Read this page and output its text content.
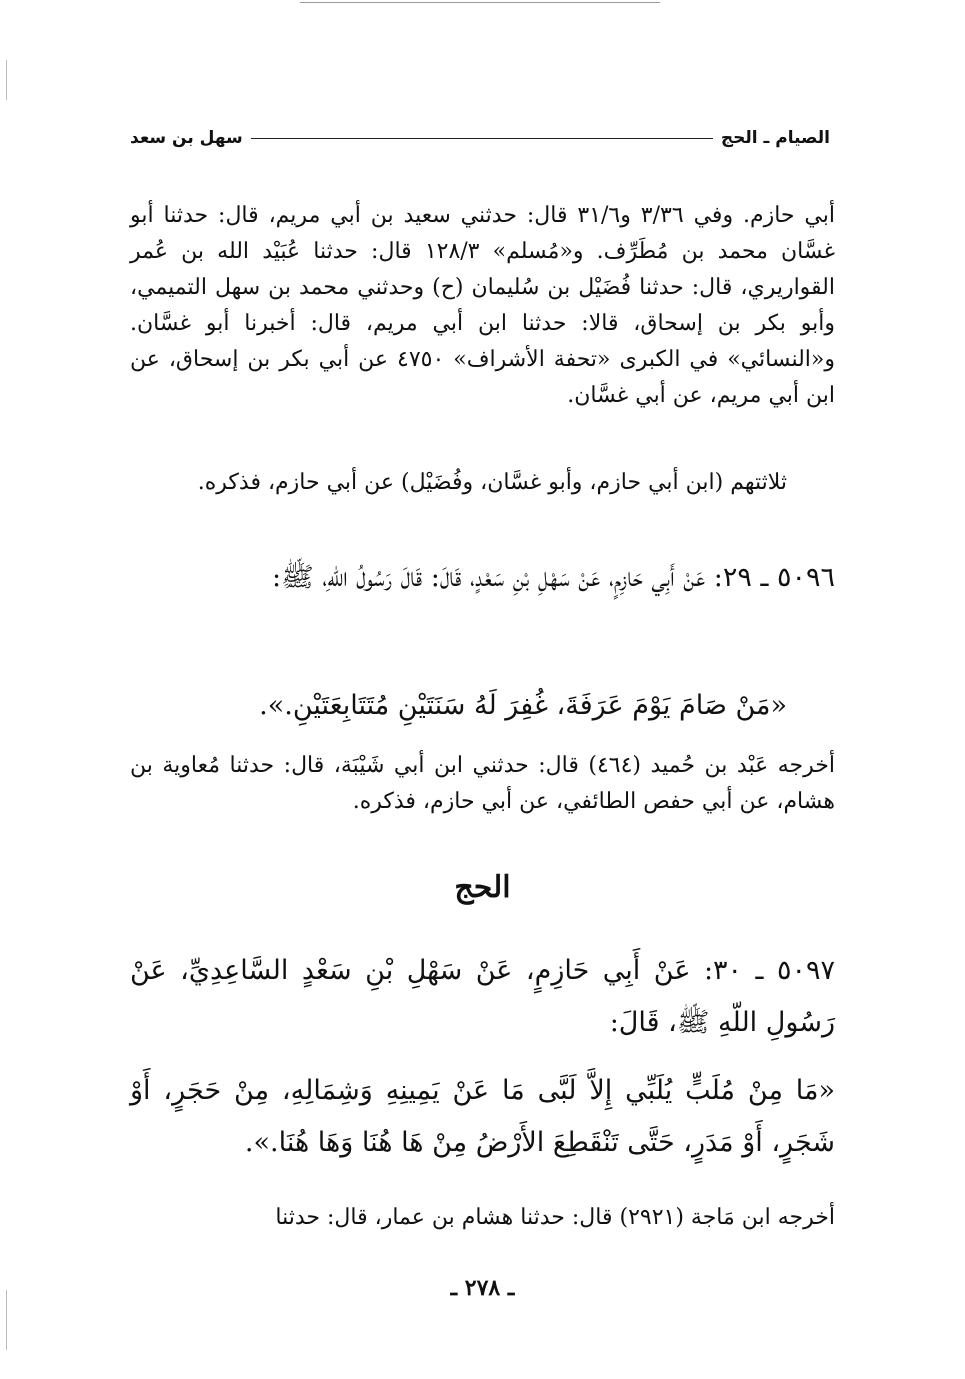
الصيام ـ الحج
سهل بن سعد

أبي حازم. وفي ٣/٣٦ و٣١/٦ قال: حدثني سعيد بن أبي مريم، قال: حدثنا أبو غسَّان محمد بن مُطَرِّف. و«مُسلم» ١٢٨/٣ قال: حدثنا عُبَيْد الله بن عُمر القواريري، قال: حدثنا فُضَيْل بن سُليمان (ح) وحدثني محمد بن سهل التميمي، وأبو بكر بن إسحاق، قالا: حدثنا ابن أبي مريم، قال: أخبرنا أبو غسَّان. و«النسائي» في الكبرى «تحفة الأشراف» ٤٧٥٠ عن أبي بكر بن إسحاق، عن ابن أبي مريم، عن أبي غسَّان.

ثلاثتهم (ابن أبي حازم، وأبو غسَّان، وفُضَيْل) عن أبي حازم، فذكره.

٥٠٩٦ ـ ٢٩: عَنْ أَبِي حَازِمٍ، عَنْ سَهْلِ بْنِ سَعْدٍ، قَالَ: قَالَ رَسُولُ اللّهِ، ﷺ:

«مَنْ صَامَ يَوْمَ عَرَفَةَ، غُفِرَ لَهُ سَنَتَيْنِ مُتَتَابِعَتَيْنِ.».

أخرجه عَبْد بن حُميد (٤٦٤) قال: حدثني ابن أبي شَيْبَة، قال: حدثنا مُعاوية بن هشام، عن أبي حفص الطائفي، عن أبي حازم، فذكره.

الحج

٥٠٩٧ ـ ٣٠: عَنْ أَبِي حَازِمٍ، عَنْ سَهْلِ بْنِ سَعْدٍ السَّاعِدِيِّ، عَنْ رَسُولِ اللّهِ ﷺ، قَالَ:

«مَا مِنْ مُلَبٍّ يُلَبِّي إِلاَّ لَبَّى مَا عَنْ يَمِينِهِ وَشِمَالِهِ، مِنْ حَجَرٍ، أَوْ شَجَرٍ، أَوْ مَدَرٍ، حَتَّى تَنْقَطِعَ الأَرْضُ مِنْ هَا هُنَا وَهَا هُنَا.».

أخرجه ابن مَاجة (٢٩٢١) قال: حدثنا هشام بن عمار، قال: حدثنا

ـ ٢٧٨ ـ
